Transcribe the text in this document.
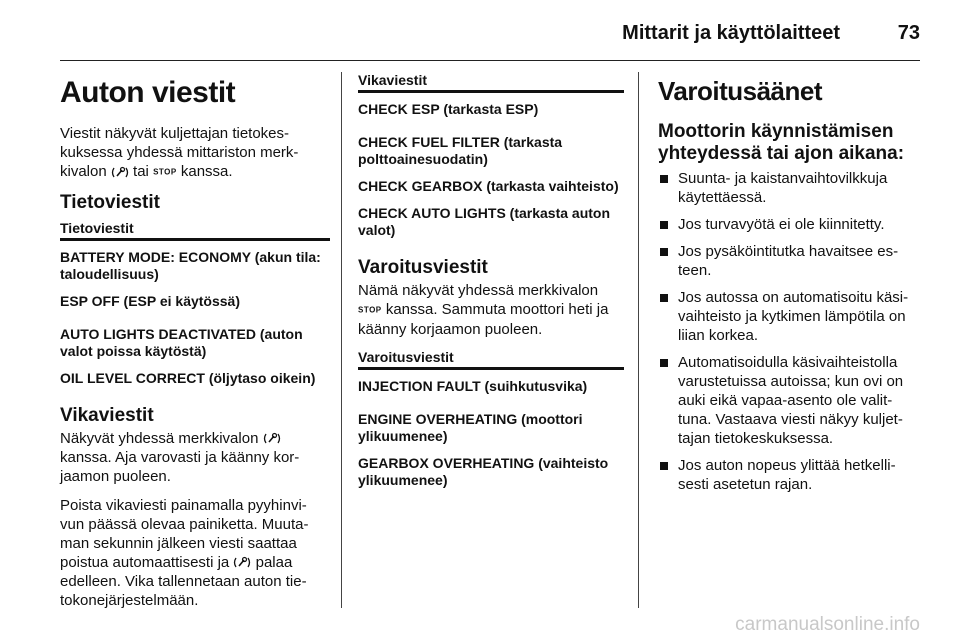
Mittarit ja käyttölaitteet	73
Auton viestit

Viestit näkyvät kuljettajan tietokes-kuksessa yhdessä mittariston merk-kivalon tai STOP kanssa.

Tietoviestit
Tietoviestit
BATTERY MODE: ECONOMY (akun tila: taloudellisuus)
ESP OFF (ESP ei käytössä)
AUTO LIGHTS DEACTIVATED (auton valot poissa käytöstä)
OIL LEVEL CORRECT (öljytaso oikein)
Vikaviestit

Näkyvät yhdessä merkkivalon  kanssa. Aja varovasti ja käänny kor-jaamon puoleen.

Poista vikaviesti painamalla pyyhinvi-vun päässä olevaa painiketta. Muuta-man sekunnin jälkeen viesti saattaa poistua automaattisesti ja palaa edelleen. Vika tallennetaan auton tie-tokonejärjestelmään.

Vikaviestit
CHECK ESP (tarkasta ESP)
CHECK FUEL FILTER (tarkasta polttoainesuodatin)
CHECK GEARBOX (tarkasta vaihteisto)
CHECK AUTO LIGHTS (tarkasta auton valot)
Varoitusviestit

Nämä näkyvät yhdessä merkkivalon STOP kanssa. Sammuta moottori heti ja käänny korjaamon puoleen.

Varoitusviestit
INJECTION FAULT (suihkutusvika)
ENGINE OVERHEATING (moottori ylikuumenee)
GEARBOX OVERHEATING (vaihteisto ylikuumenee)
Varoitusäänet
Moottorin käynnistämisen yhteydessä tai ajon aikana:
Suunta- ja kaistanvaihtovilkkuja käytettäessä.
Jos turvavyötä ei ole kiinnitetty.
Jos pysäköintitutka havaitsee es-teen.
Jos autossa on automatisoitu käsi-vaihteisto ja kytkimen lämpötila on liian korkea.
Automatisoidulla käsivaihteistolla varustetuissa autoissa; kun ovi on auki eikä vapaa-asento ole valit-tuna. Vastaava viesti näkyy kuljet-tajan tietokeskuksessa.
Jos auton nopeus ylittää hetkelli-sesti asetetun rajan.
carmanualsonline.info
